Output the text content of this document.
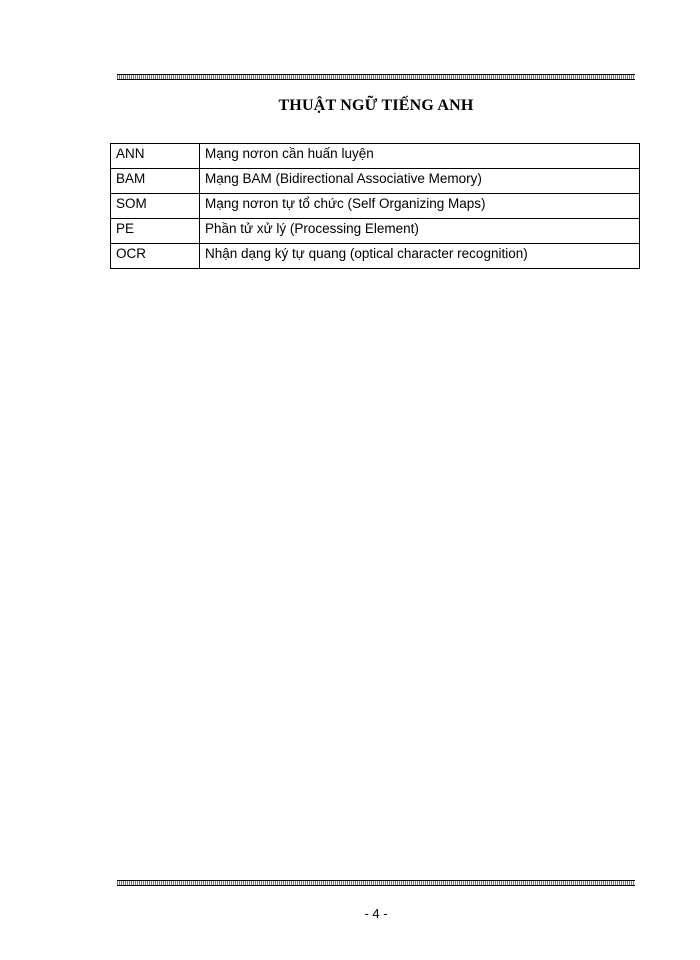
THUẬT NGỮ TIẾNG ANH
ANN	Mạng nơron cần huấn luyện
BAM	Mạng BAM (Bidirectional Associative Memory)
SOM	Mạng nơron tự tổ chức (Self Organizing Maps)
PE	Phần tử xử lý (Processing Element)
OCR	Nhận dạng ký tự quang (optical character recognition)
- 4 -
